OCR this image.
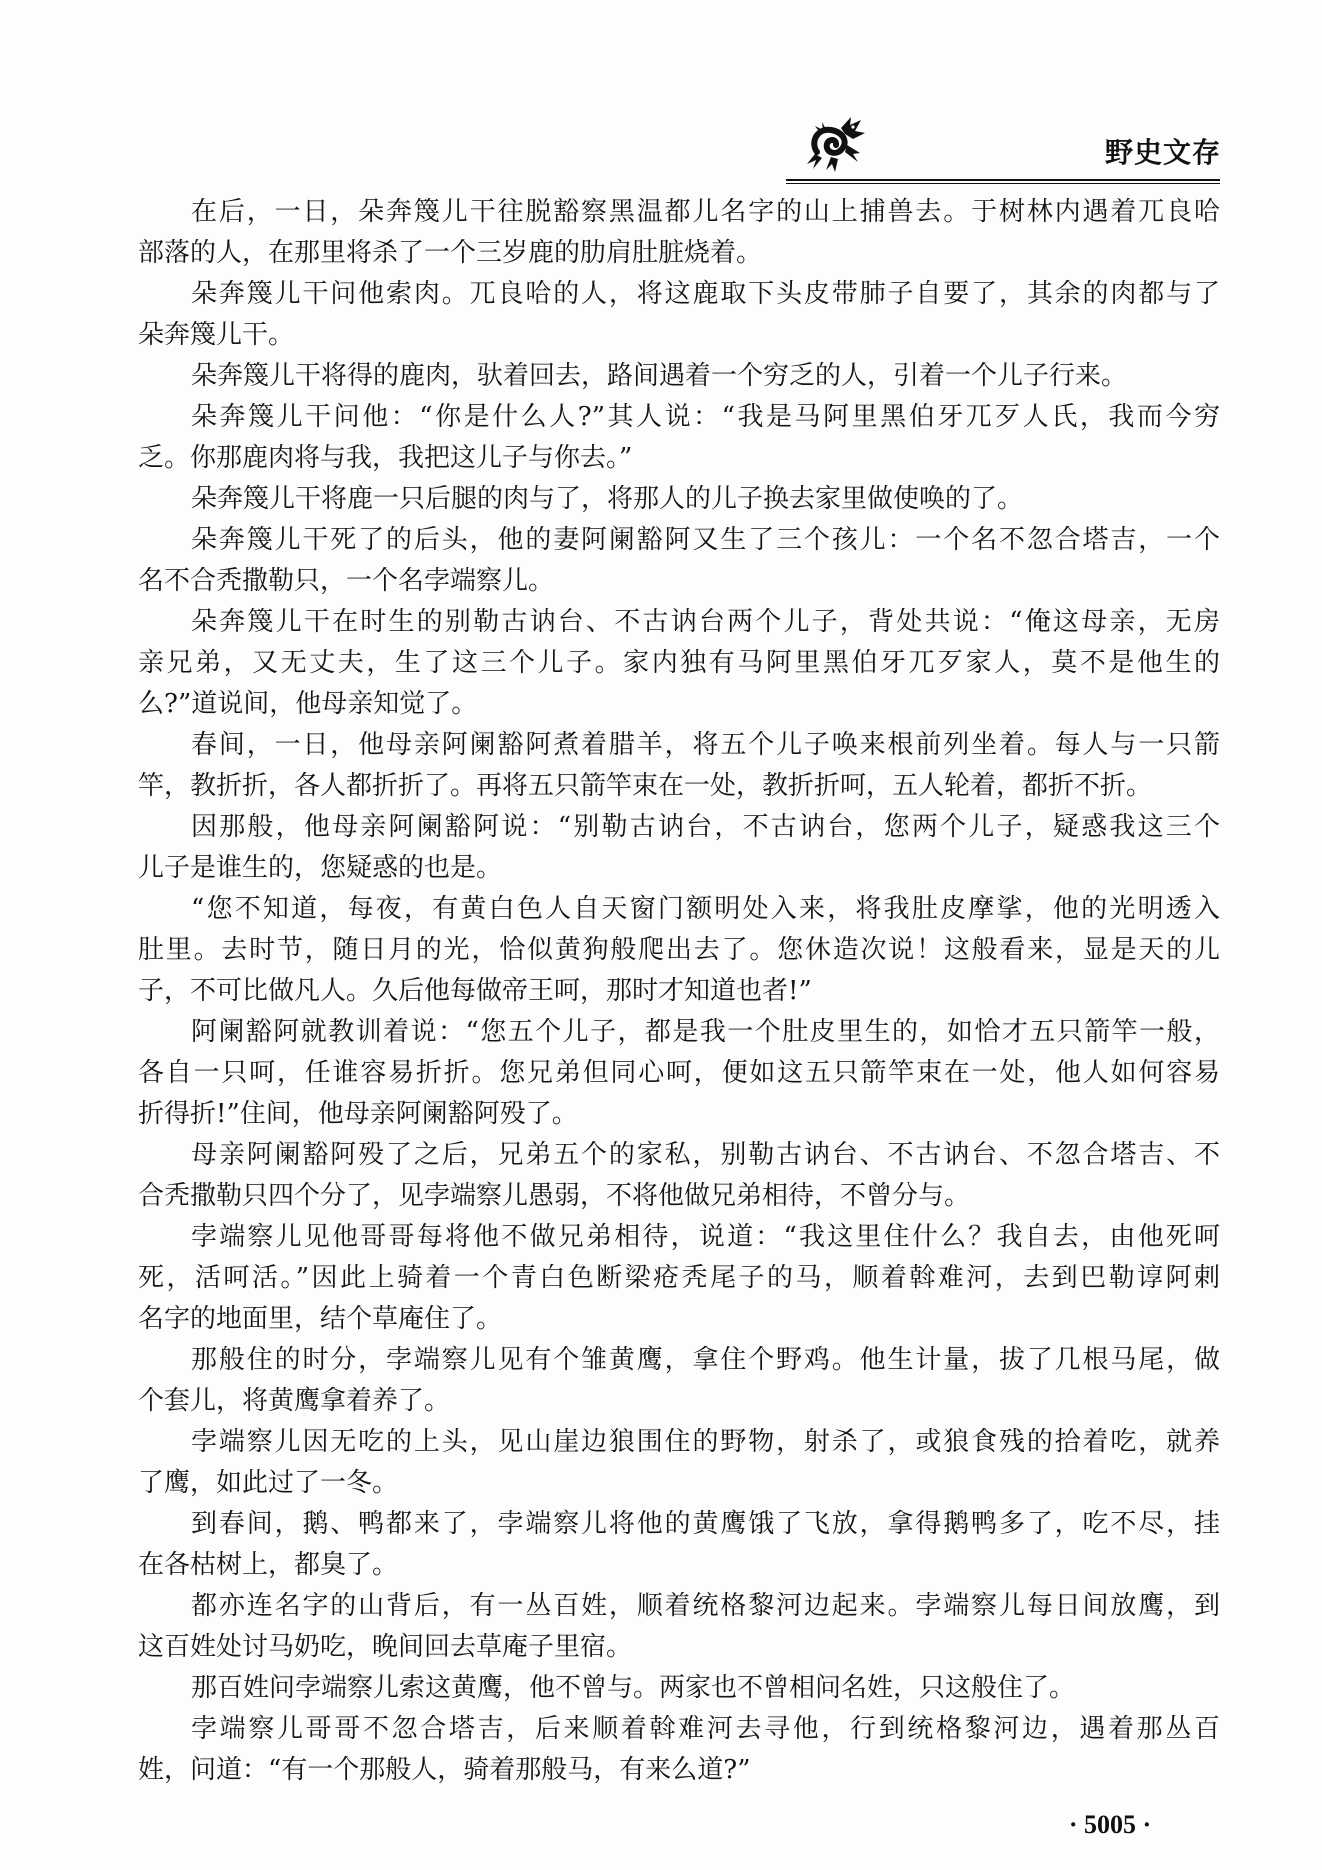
野史文存
在后，一日，朵奔篾儿干往脱豁察黑温都儿名字的山上捕兽去。于树林内遇着兀良哈
部落的人，在那里将杀了一个三岁鹿的肋肩肚脏烧着。
朵奔篾儿干问他索肉。兀良哈的人，将这鹿取下头皮带肺子自要了，其余的肉都与了
朵奔篾儿干。
朵奔篾儿干将得的鹿肉，驮着回去，路间遇着一个穷乏的人，引着一个儿子行来。
朵奔篾儿干问他：“你是什么人?”其人说：“我是马阿里黑伯牙兀歹人氏，我而今穷
乏。你那鹿肉将与我，我把这儿子与你去。”
朵奔篾儿干将鹿一只后腿的肉与了，将那人的儿子换去家里做使唤的了。
朵奔篾儿干死了的后头，他的妻阿阑豁阿又生了三个孩儿：一个名不忽合塔吉，一个
名不合秃撒勒只，一个名孛端察儿。
朵奔篾儿干在时生的别勒古讷台、不古讷台两个儿子，背处共说：“俺这母亲，无房
亲兄弟，又无丈夫，生了这三个儿子。家内独有马阿里黑伯牙兀歹家人，莫不是他生的
么?”道说间，他母亲知觉了。
春间，一日，他母亲阿阑豁阿煮着腊羊，将五个儿子唤来根前列坐着。每人与一只箭
竿，教折折，各人都折折了。再将五只箭竿束在一处，教折折呵，五人轮着，都折不折。
因那般，他母亲阿阑豁阿说：“别勒古讷台，不古讷台，您两个儿子，疑惑我这三个
儿子是谁生的，您疑惑的也是。
“您不知道，每夜，有黄白色人自天窗门额明处入来，将我肚皮摩挲，他的光明透入
肚里。去时节，随日月的光，恰似黄狗般爬出去了。您休造次说！这般看来，显是天的儿
子，不可比做凡人。久后他每做帝王呵，那时才知道也者!”
阿阑豁阿就教训着说：“您五个儿子，都是我一个肚皮里生的，如恰才五只箭竿一般，
各自一只呵，任谁容易折折。您兄弟但同心呵，便如这五只箭竿束在一处，他人如何容易
折得折!”住间，他母亲阿阑豁阿殁了。
母亲阿阑豁阿殁了之后，兄弟五个的家私，别勒古讷台、不古讷台、不忽合塔吉、不
合秃撒勒只四个分了，见孛端察儿愚弱，不将他做兄弟相待，不曾分与。
孛端察儿见他哥哥每将他不做兄弟相待，说道：“我这里住什么？我自去，由他死呵
死，活呵活。”因此上骑着一个青白色断梁疮秃尾子的马，顺着斡难河，去到巴勒谆阿剌
名字的地面里，结个草庵住了。
那般住的时分，孛端察儿见有个雏黄鹰，拿住个野鸡。他生计量，拔了几根马尾，做
个套儿，将黄鹰拿着养了。
孛端察儿因无吃的上头，见山崖边狼围住的野物，射杀了，或狼食残的拾着吃，就养
了鹰，如此过了一冬。
到春间，鹅、鸭都来了，孛端察儿将他的黄鹰饿了飞放，拿得鹅鸭多了，吃不尽，挂
在各枯树上，都臭了。
都亦连名字的山背后，有一丛百姓，顺着统格黎河边起来。孛端察儿每日间放鹰，到
这百姓处讨马奶吃，晚间回去草庵子里宿。
那百姓问孛端察儿索这黄鹰，他不曾与。两家也不曾相问名姓，只这般住了。
孛端察儿哥哥不忽合塔吉，后来顺着斡难河去寻他，行到统格黎河边，遇着那丛百
姓，问道：“有一个那般人，骑着那般马，有来么道?”
· 5005 ·
